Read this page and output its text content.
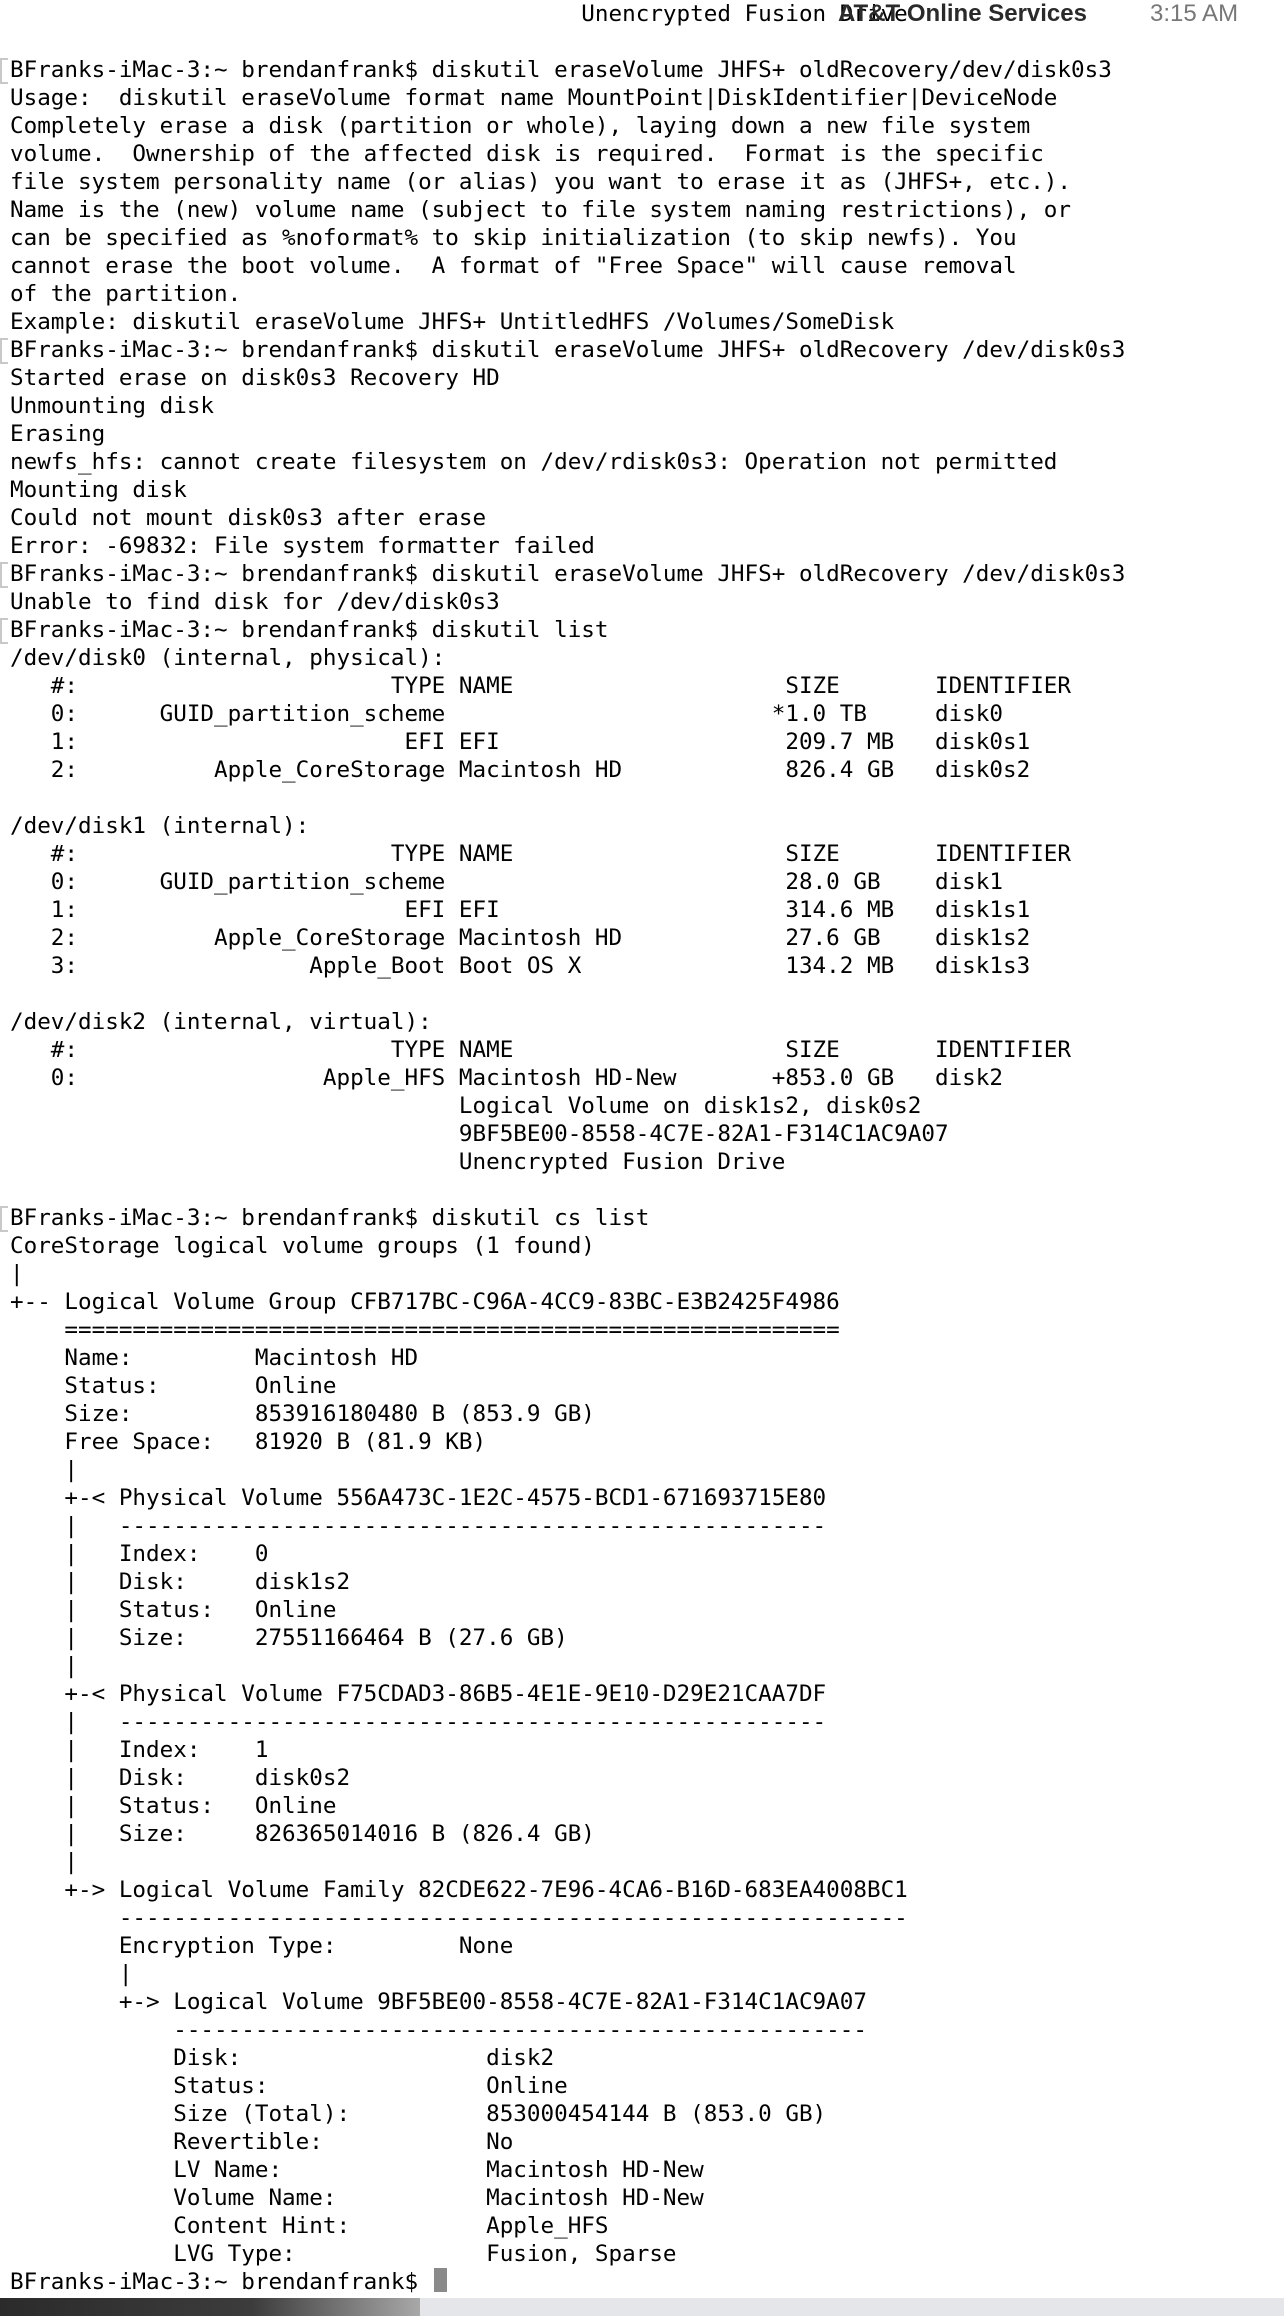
Unencrypted Fusion Drive
BFranks-iMac-3:~ brendanfrank$ diskutil eraseVolume JHFS+ oldRecovery/dev/disk0s3
Usage:  diskutil eraseVolume format name MountPoint|DiskIdentifier|DeviceNode
Completely erase a disk (partition or whole), laying down a new file system
volume.  Ownership of the affected disk is required.  Format is the specific
file system personality name (or alias) you want to erase it as (JHFS+, etc.).
Name is the (new) volume name (subject to file system naming restrictions), or
can be specified as %noformat% to skip initialization (to skip newfs). You
cannot erase the boot volume.  A format of "Free Space" will cause removal
of the partition.
Example: diskutil eraseVolume JHFS+ UntitledHFS /Volumes/SomeDisk
BFranks-iMac-3:~ brendanfrank$ diskutil eraseVolume JHFS+ oldRecovery /dev/disk0s3
Started erase on disk0s3 Recovery HD
Unmounting disk
Erasing
newfs_hfs: cannot create filesystem on /dev/rdisk0s3: Operation not permitted
Mounting disk
Could not mount disk0s3 after erase
Error: -69832: File system formatter failed
BFranks-iMac-3:~ brendanfrank$ diskutil eraseVolume JHFS+ oldRecovery /dev/disk0s3
Unable to find disk for /dev/disk0s3
BFranks-iMac-3:~ brendanfrank$ diskutil list
/dev/disk0 (internal, physical):
#:                       TYPE NAME                    SIZE       IDENTIFIER
0:      GUID_partition_scheme                        *1.0 TB     disk0
1:                        EFI EFI                     209.7 MB   disk0s1
2:          Apple_CoreStorage Macintosh HD            826.4 GB   disk0s2
/dev/disk1 (internal):
#:                       TYPE NAME                    SIZE       IDENTIFIER
0:      GUID_partition_scheme                         28.0 GB    disk1
1:                        EFI EFI                     314.6 MB   disk1s1
2:          Apple_CoreStorage Macintosh HD            27.6 GB    disk1s2
3:                 Apple_Boot Boot OS X               134.2 MB   disk1s3
/dev/disk2 (internal, virtual):
#:                       TYPE NAME                    SIZE       IDENTIFIER
0:                  Apple_HFS Macintosh HD-New       +853.0 GB   disk2
Logical Volume on disk1s2, disk0s2
9BF5BE00-8558-4C7E-82A1-F314C1AC9A07
Unencrypted Fusion Drive
BFranks-iMac-3:~ brendanfrank$ diskutil cs list
CoreStorage logical volume groups (1 found)
|
+-- Logical Volume Group CFB717BC-C96A-4CC9-83BC-E3B2425F4986
=========================================================
Name:         Macintosh HD
Status:       Online
Size:         853916180480 B (853.9 GB)
Free Space:   81920 B (81.9 KB)
|
+-< Physical Volume 556A473C-1E2C-4575-BCD1-671693715E80
|   ----------------------------------------------------
|   Index:    0
|   Disk:     disk1s2
|   Status:   Online
|   Size:     27551166464 B (27.6 GB)
|
+-< Physical Volume F75CDAD3-86B5-4E1E-9E10-D29E21CAA7DF
|   ----------------------------------------------------
|   Index:    1
|   Disk:     disk0s2
|   Status:   Online
|   Size:     826365014016 B (826.4 GB)
|
+-> Logical Volume Family 82CDE622-7E96-4CA6-B16D-683EA4008BC1
----------------------------------------------------------
Encryption Type:         None
|
+-> Logical Volume 9BF5BE00-8558-4C7E-82A1-F314C1AC9A07
---------------------------------------------------
Disk:                  disk2
Status:                Online
Size (Total):          853000454144 B (853.0 GB)
Revertible:            No
LV Name:               Macintosh HD-New
Volume Name:           Macintosh HD-New
Content Hint:          Apple_HFS
LVG Type:              Fusion, Sparse
BFranks-iMac-3:~ brendanfrank$
AT&T Online Services	3:15 AM
